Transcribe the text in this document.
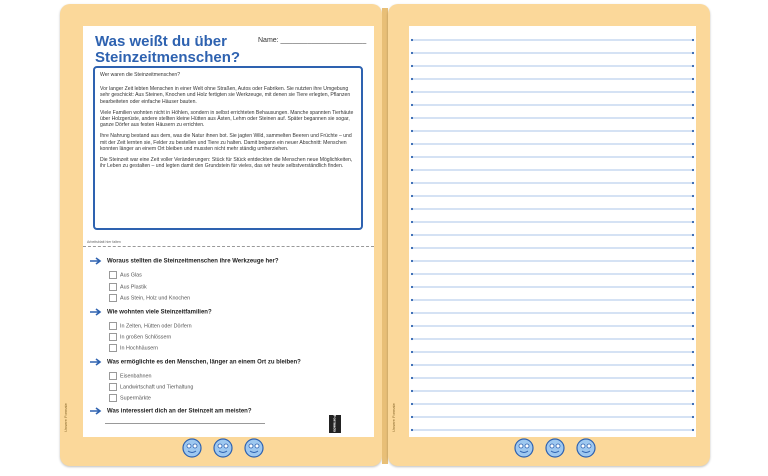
Unsere Formate	Unsere Formate
Was weißt du über Steinzeitmenschen?
Name: ______________________

Wer waren die Steinzeitmenschen?

Vor langer Zeit lebten Menschen in einer Welt ohne Straßen, Autos oder Fabriken. Sie nutzten ihre Umgebung sehr geschickt: Aus Steinen, Knochen und Holz fertigten sie Werkzeuge, mit denen sie Tiere erlegten, Pflanzen bearbeiteten oder einfache Häuser bauten.

Viele Familien wohnten nicht in Höhlen, sondern in selbst errichteten Behausungen. Manche spannten Tierhäute über Holzgerüste, andere stellten kleine Hütten aus Ästen, Lehm oder Steinen auf. Später begannen sie sogar, ganze Dörfer aus festen Häusern zu errichten.

Ihre Nahrung bestand aus dem, was die Natur ihnen bot. Sie jagten Wild, sammelten Beeren und Früchte – und mit der Zeit lernten sie, Felder zu bestellen und Tiere zu halten. Damit begann ein neuer Abschnitt: Menschen konnten länger an einem Ort bleiben und mussten nicht mehr ständig umherziehen.

Die Steinzeit war eine Zeit voller Veränderungen: Stück für Stück entdeckten die Menschen neue Möglichkeiten, ihr Leben zu gestalten – und legten damit den Grundstein für vieles, das wir heute selbstverständlich finden.

Arbeitsblatt hier falten
Woraus stellten die Steinzeitmenschen ihre Werkzeuge her?
Aus Glas
Aus Plastik
Aus Stein, Holz und Knochen
Wie wohnten viele Steinzeitfamilien?
In Zelten, Hütten oder Dörfern
In großen Schlössern
In Hochhäusern
Was ermöglichte es den Menschen, länger an einem Ort zu bleiben?
Eisenbahnen
Landwirtschaft und Tierhaltung
Supermärkte
Was interessiert dich an der Steinzeit am meisten?
Formado
